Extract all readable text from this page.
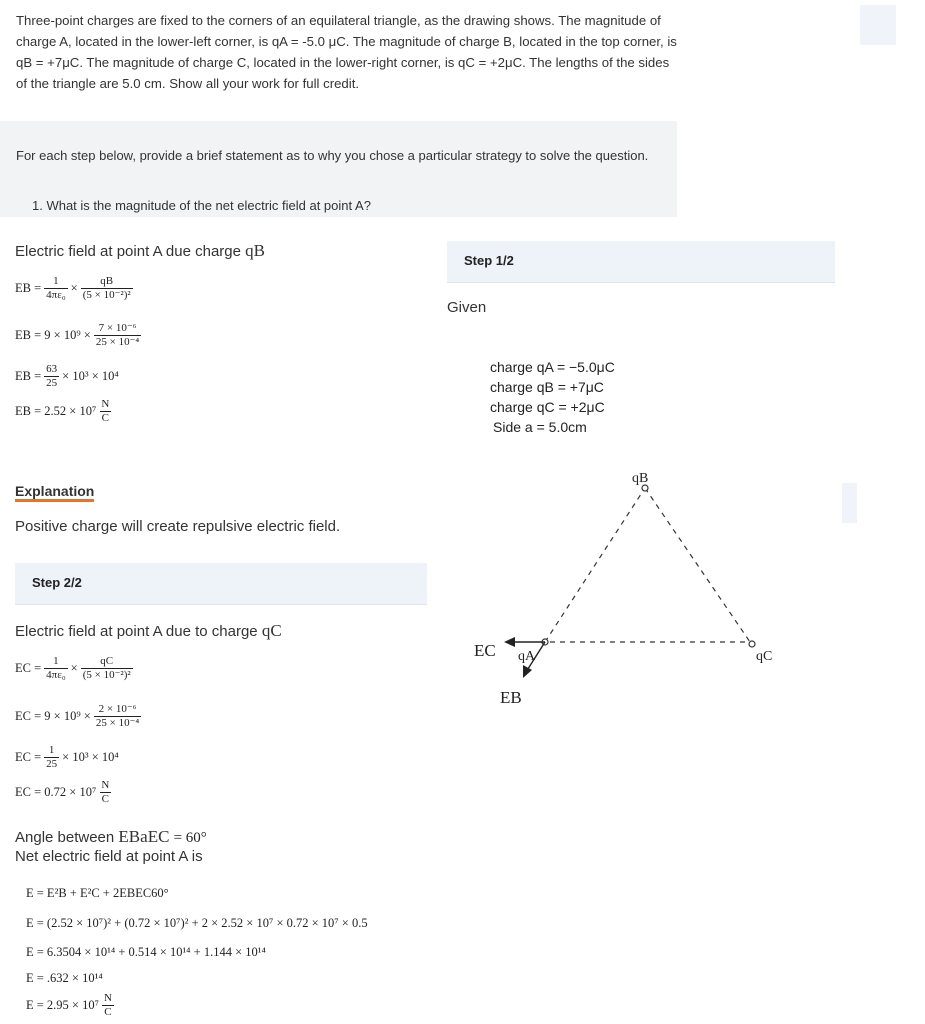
Three-point charges are fixed to the corners of an equilateral triangle, as the drawing shows. The magnitude of charge A, located in the lower-left corner, is qA = -5.0 μC. The magnitude of charge B, located in the top corner, is qB = +7μC. The magnitude of charge C, located in the lower-right corner, is qC = +2μC. The lengths of the sides of the triangle are 5.0 cm. Show all your work for full credit.
For each step below, provide a brief statement as to why you chose a particular strategy to solve the question.
1. What is the magnitude of the net electric field at point A?
Electric field at point A due charge qB
EB = $\frac{1}{\text{4πε₀}} \times \frac{qB}{\text{(5 × 10⁻²)²}}$
EB = $9 \times 10^9 \times \frac{\text{7 × 10⁻⁶}}{\text{25 × 10⁻⁴}}$
EB = $\frac{63}{25} \times 10^3 \times 10^4$
EB = $2.52 \times 10^7 \frac{N}{C}$
Explanation
Positive charge will create repulsive electric field.
Step 1/2
Given
charge qA = −5.0μC
charge qB = +7μC
charge qC = +2μC
Side a = 5.0cm
qB
qA	qC
EC
EB
Step 2/2
Electric field at point A due to charge qC
EC = $\frac{1}{\text{4πε₀}} \times \frac{qC}{\text{(5 × 10⁻²)²}}$
EC = $9 \times 10^9 \times \frac{\text{2 × 10⁻⁶}}{\text{25 × 10⁻⁴}}$
EC = $\frac{1}{25} \times 10^3 \times 10^4$
EC = $0.72 \times 10^7 \frac{N}{C}$
Angle between EBaEC = 60°
Net electric field at point A is
E = E²B + E²C + 2EBEC60°
E = (2.52 × 10⁷)² + (0.72 × 10⁷)² + 2 × 2.52 × 10⁷ × 0.72 × 10⁷ × 0.5
E = 6.3504 × 10¹⁴ + 0.514 × 10¹⁴ + 1.144 × 10¹⁴
E = .632 × 10¹⁴
$E = 2.95 \times 10^7 \frac{N}{C}$
